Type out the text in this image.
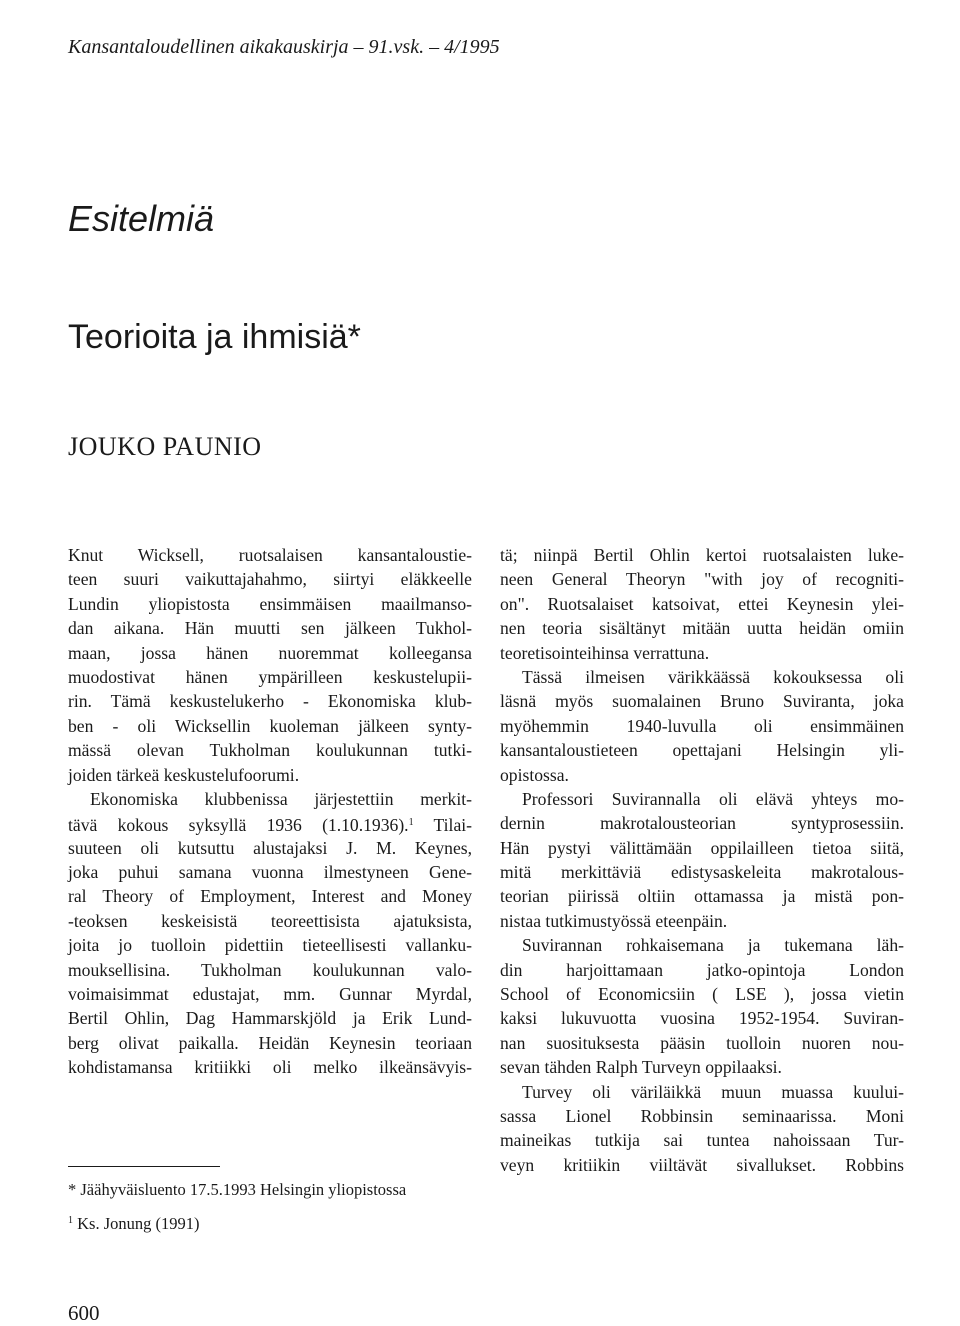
Kansantaloudellinen aikakauskirja – 91.vsk. – 4/1995
Esitelmiä
Teorioita ja ihmisiä*
JOUKO PAUNIO
Knut Wicksell, ruotsalaisen kansantaloustie-
teen suuri vaikuttajahahmo, siirtyi eläkkeelle
Lundin yliopistosta ensimmäisen maailmanso-
dan aikana. Hän muutti sen jälkeen Tukhol-
maan, jossa hänen nuoremmat kolleegansa
muodostivat hänen ympärilleen keskustelupii-
rin. Tämä keskustelukerho - Ekonomiska klub-
ben - oli Wicksellin kuoleman jälkeen synty-
mässä olevan Tukholman koulukunnan tutki-
joiden tärkeä keskustelufoorumi.
Ekonomiska klubbenissa järjestettiin merkit-
tävä kokous syksyllä 1936 (1.10.1936).$^1$ Tilai-
suuteen oli kutsuttu alustajaksi J. M. Keynes,
joka puhui samana vuonna ilmestyneen Gene-
ral Theory of Employment, Interest and Money
-teoksen keskeisistä teoreettisista ajatuksista,
joita jo tuolloin pidettiin tieteellisesti vallanku-
mouksellisina. Tukholman koulukunnan valo-
voimaisimmat edustajat, mm. Gunnar Myrdal,
Bertil Ohlin, Dag Hammarskjöld ja Erik Lund-
berg olivat paikalla. Heidän Keynesin teoriaan
kohdistamansa kritiikki oli melko ilkeänsävyis-
tä; niinpä Bertil Ohlin kertoi ruotsalaisten luke-
neen General Theoryn "with joy of recogniti-
on". Ruotsalaiset katsoivat, ettei Keynesin ylei-
nen teoria sisältänyt mitään uutta heidän omiin
teoretisointeihinsa verrattuna.
Tässä ilmeisen värikkäässä kokouksessa oli
läsnä myös suomalainen Bruno Suviranta, joka
myöhemmin 1940-luvulla oli ensimmäinen
kansantaloustieteen opettajani Helsingin yli-
opistossa.
Professori Suvirannalla oli elävä yhteys mo-
dernin makrotalousteorian syntyprosessiin.
Hän pystyi välittämään oppilailleen tietoa siitä,
mitä merkittäviä edistysaskeleita makrotalous-
teorian piirissä oltiin ottamassa ja mistä pon-
nistaa tutkimustyössä eteenpäin.
Suvirannan rohkaisemana ja tukemana läh-
din harjoittamaan jatko-opintoja London
School of Economicsiin ( LSE ), jossa vietin
kaksi lukuvuotta vuosina 1952-1954. Suviran-
nan suosituksesta pääsin tuolloin nuoren nou-
sevan tähden Ralph Turveyn oppilaaksi.
Turvey oli väriläikkä muun muassa kuului-
sassa Lionel Robbinsin seminaarissa. Moni
maineikas tutkija sai tuntea nahoissaan Tur-
veyn kritiikin viiltävät sivallukset. Robbins
* Jäähyväisluento 17.5.1993 Helsingin yliopistossa
$^1$ Ks. Jonung (1991)
600
